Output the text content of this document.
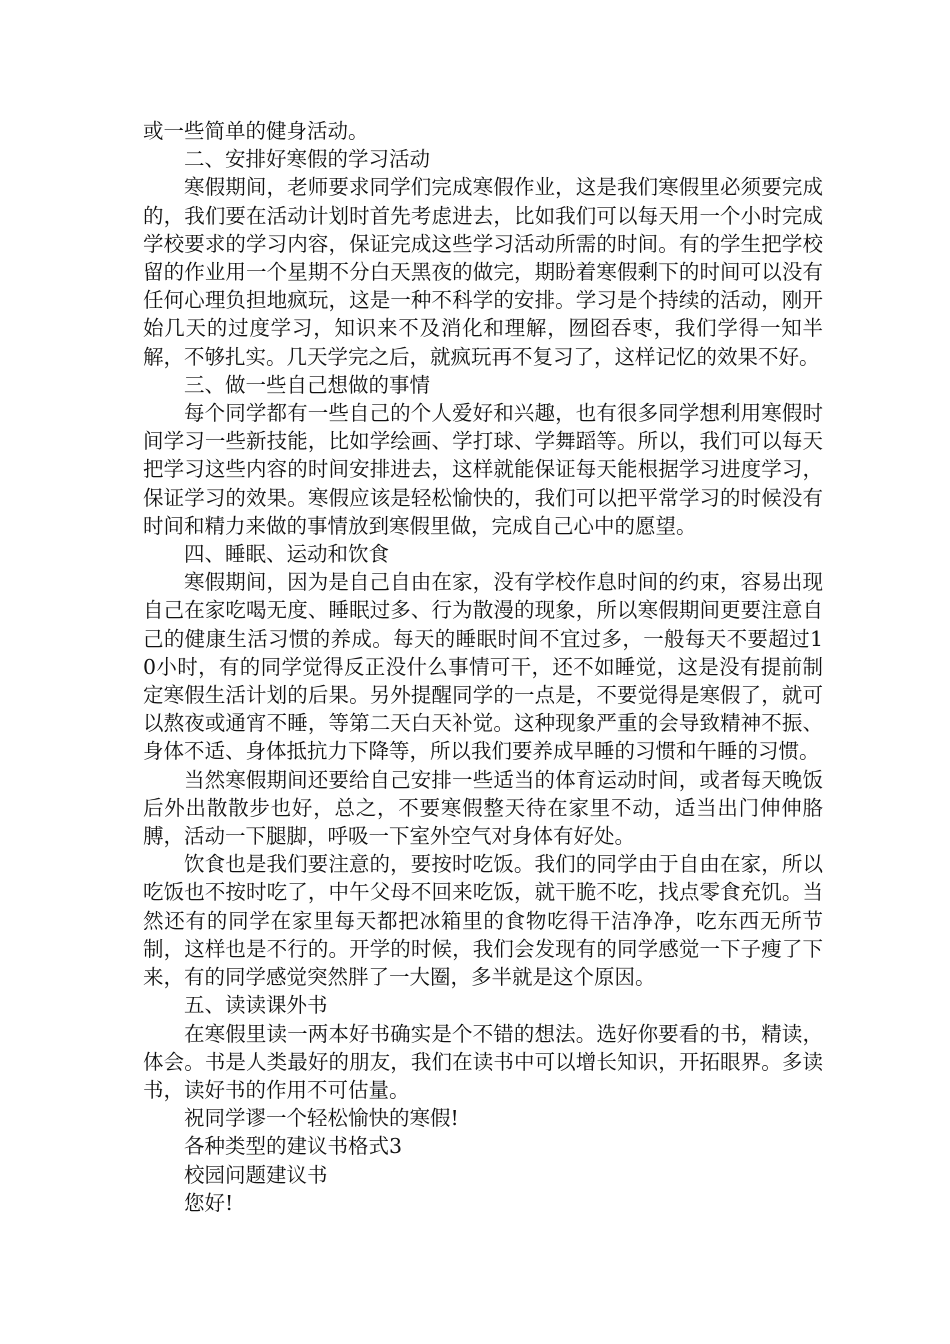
或一些简单的健身活动。

二、安排好寒假的学习活动

寒假期间，老师要求同学们完成寒假作业，这是我们寒假里必须要完成的，我们要在活动计划时首先考虑进去，比如我们可以每天用一个小时完成学校要求的学习内容，保证完成这些学习活动所需的时间。有的学生把学校留的作业用一个星期不分白天黑夜的做完，期盼着寒假剩下的时间可以没有任何心理负担地疯玩，这是一种不科学的安排。学习是个持续的活动，刚开始几天的过度学习，知识来不及消化和理解，囫囵吞枣，我们学得一知半解，不够扎实。几天学完之后，就疯玩再不复习了，这样记忆的效果不好。

三、做一些自己想做的事情

每个同学都有一些自己的个人爱好和兴趣，也有很多同学想利用寒假时间学习一些新技能，比如学绘画、学打球、学舞蹈等。所以，我们可以每天把学习这些内容的时间安排进去，这样就能保证每天能根据学习进度学习，保证学习的效果。寒假应该是轻松愉快的，我们可以把平常学习的时候没有时间和精力来做的事情放到寒假里做，完成自己心中的愿望。

四、睡眠、运动和饮食

寒假期间，因为是自己自由在家，没有学校作息时间的约束，容易出现自己在家吃喝无度、睡眠过多、行为散漫的现象，所以寒假期间更要注意自己的健康生活习惯的养成。每天的睡眠时间不宜过多，一般每天不要超过10小时，有的同学觉得反正没什么事情可干，还不如睡觉，这是没有提前制定寒假生活计划的后果。另外提醒同学的一点是，不要觉得是寒假了，就可以熬夜或通宵不睡，等第二天白天补觉。这种现象严重的会导致精神不振、身体不适、身体抵抗力下降等，所以我们要养成早睡的习惯和午睡的习惯。

当然寒假期间还要给自己安排一些适当的体育运动时间，或者每天晚饭后外出散散步也好，总之，不要寒假整天待在家里不动，适当出门伸伸胳膊，活动一下腿脚，呼吸一下室外空气对身体有好处。

饮食也是我们要注意的，要按时吃饭。我们的同学由于自由在家，所以吃饭也不按时吃了，中午父母不回来吃饭，就干脆不吃，找点零食充饥。当然还有的同学在家里每天都把冰箱里的食物吃得干洁净净，吃东西无所节制，这样也是不行的。开学的时候，我们会发现有的同学感觉一下子瘦了下来，有的同学感觉突然胖了一大圈，多半就是这个原因。

五、读读课外书

在寒假里读一两本好书确实是个不错的想法。选好你要看的书，精读，体会。书是人类最好的朋友，我们在读书中可以增长知识，开拓眼界。多读书，读好书的作用不可估量。

祝同学谬一个轻松愉快的寒假!

各种类型的建议书格式3

校园问题建议书

您好!
